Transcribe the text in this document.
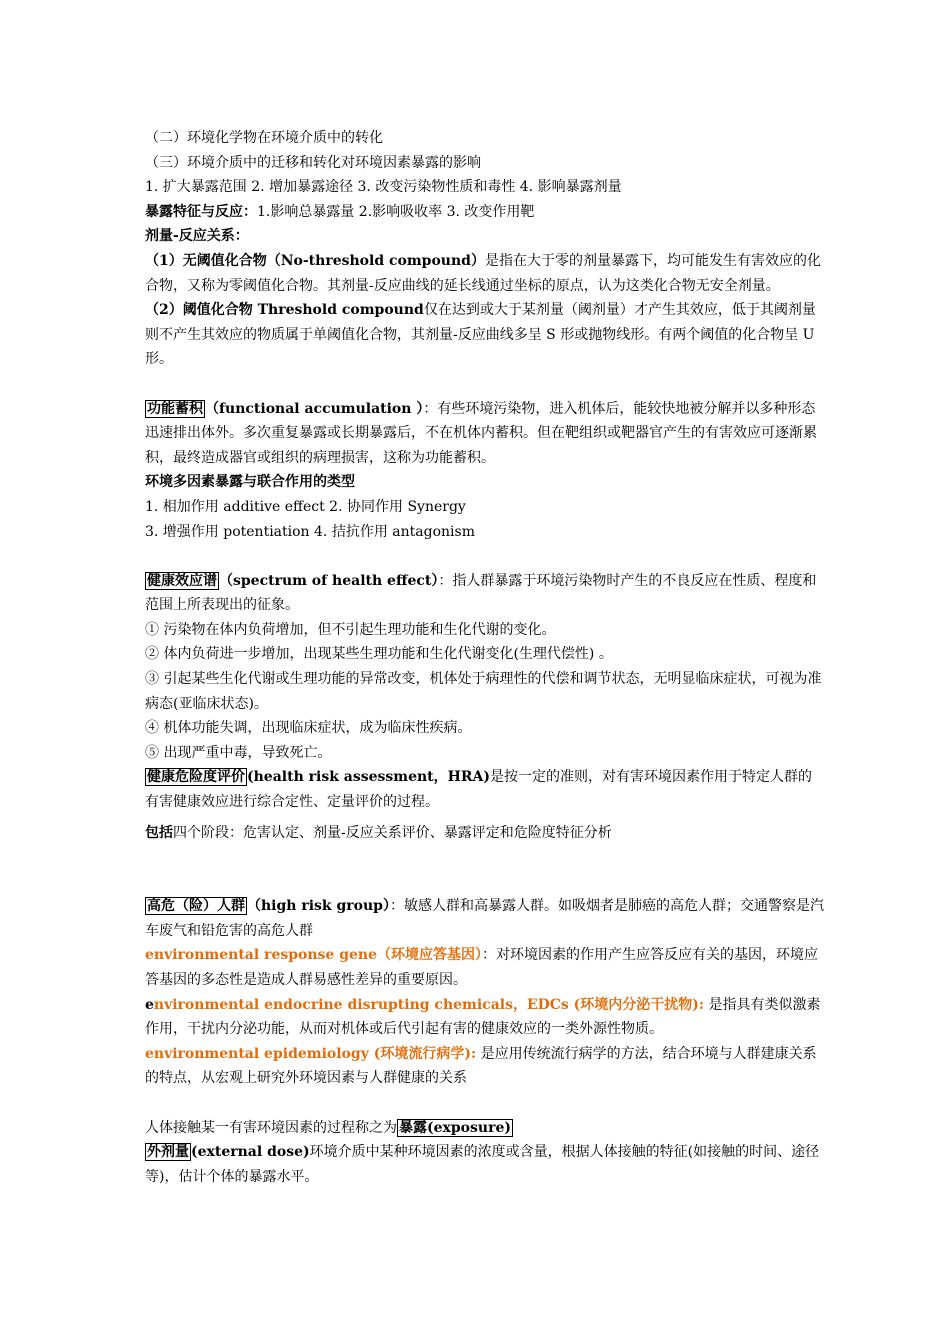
（二）环境化学物在环境介质中的转化

（三）环境介质中的迁移和转化对环境因素暴露的影响

1. 扩大暴露范围 2. 增加暴露途径 3. 改变污染物性质和毒性 4. 影响暴露剂量

暴露特征与反应：1.影响总暴露量 2.影响吸收率 3. 改变作用靶

剂量-反应关系：

（1）无阈值化合物（No-threshold compound）是指在大于零的剂量暴露下，均可能发生有害效应的化合物，又称为零阈值化合物。其剂量-反应曲线的延长线通过坐标的原点，认为这类化合物无安全剂量。

（2）阈值化合物 Threshold compound仅在达到或大于某剂量（阈剂量）才产生其效应，低于其阈剂量则不产生其效应的物质属于单阈值化合物，其剂量-反应曲线多呈 S 形或抛物线形。有两个阈值的化合物呈 U 形。

功能蓄积 （functional accumulation ）：有些环境污染物，进入机体后，能较快地被分解并以多种形态迅速排出体外。多次重复暴露或长期暴露后，不在机体内蓄积。但在靶组织或靶器官产生的有害效应可逐渐累积，最终造成器官或组织的病理损害，这称为功能蓄积。

环境多因素暴露与联合作用的类型

1. 相加作用 additive effect 2. 协同作用 Synergy

3. 增强作用 potentiation 4. 拮抗作用 antagonism

健康效应谱 （spectrum of health effect）：指人群暴露于环境污染物时产生的不良反应在性质、程度和范围上所表现出的征象。

① 污染物在体内负荷增加，但不引起生理功能和生化代谢的变化。

② 体内负荷进一步增加，出现某些生理功能和生化代谢变化(生理代偿性) 。

③ 引起某些生化代谢或生理功能的异常改变，机体处于病理性的代偿和调节状态，无明显临床症状，可视为准病态(亚临床状态)。

④ 机体功能失调，出现临床症状，成为临床性疾病。

⑤ 出现严重中毒，导致死亡。

健康危险度评价 (health risk assessment，HRA)是按一定的准则，对有害环境因素作用于特定人群的有害健康效应进行综合定性、定量评价的过程。

包括四个阶段：危害认定、剂量-反应关系评价、暴露评定和危险度特征分析

高危（险）人群 （high risk group）：敏感人群和高暴露人群。如吸烟者是肺癌的高危人群；交通警察是汽车废气和铅危害的高危人群

environmental response gene（环境应答基因）：对环境因素的作用产生应答反应有关的基因，环境应答基因的多态性是造成人群易感性差异的重要原因。

environmental endocrine disrupting chemicals，EDCs (环境内分泌干扰物): 是指具有类似激素作用，干扰内分泌功能，从而对机体或后代引起有害的健康效应的一类外源性物质。

environmental epidemiology (环境流行病学): 是应用传统流行病学的方法，结合环境与人群建康关系的特点，从宏观上研究外环境因素与人群健康的关系

人体接触某一有害环境因素的过程称之为 暴露(exposure)

外剂量 (external dose)环境介质中某种环境因素的浓度或含量，根据人体接触的特征(如接触的时间、途径等)，估计个体的暴露水平。
